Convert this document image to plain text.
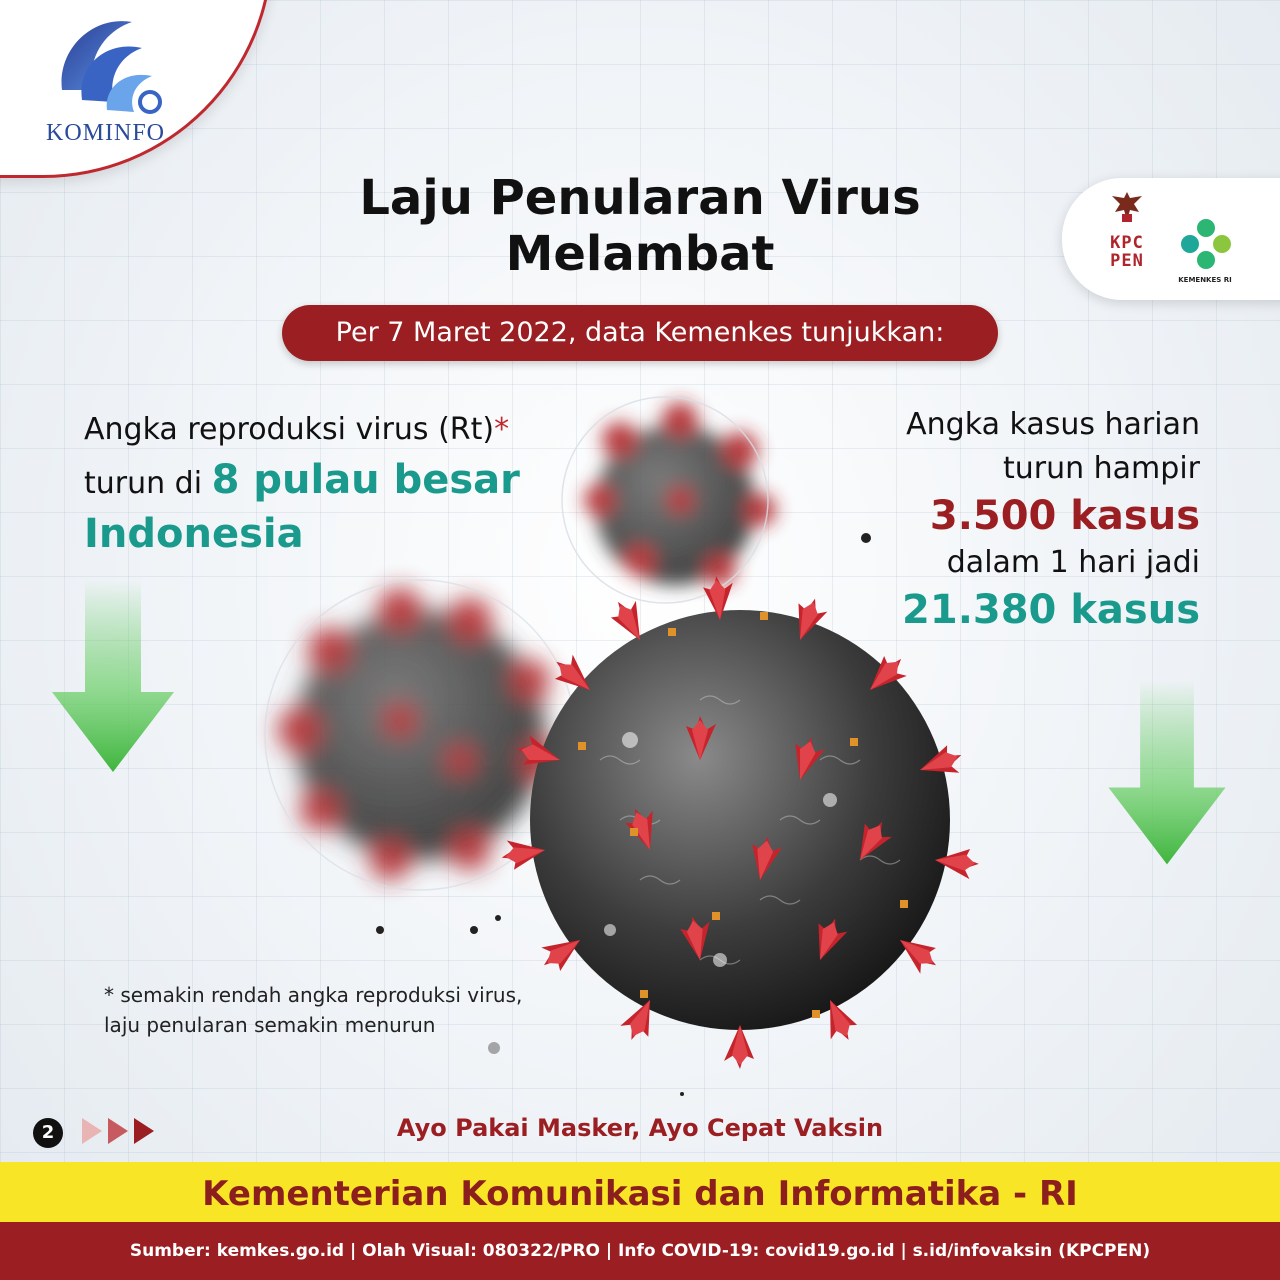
KOMINFO
KPC PEN
KEMENKES RI
Laju Penularan Virus
Melambat
Per 7 Maret 2022, data Kemenkes tunjukkan:
Angka reproduksi virus (Rt)*
turun di 8 pulau besar
Indonesia
Angka kasus harian
turun hampir
3.500 kasus
dalam 1 hari jadi
21.380 kasus
* semakin rendah angka reproduksi virus,
laju penularan semakin menurun
2	Ayo Pakai Masker, Ayo Cepat Vaksin
Kementerian Komunikasi dan Informatika - RI
Sumber: kemkes.go.id | Olah Visual: 080322/PRO | Info COVID-19: covid19.go.id | s.id/infovaksin (KPCPEN)
